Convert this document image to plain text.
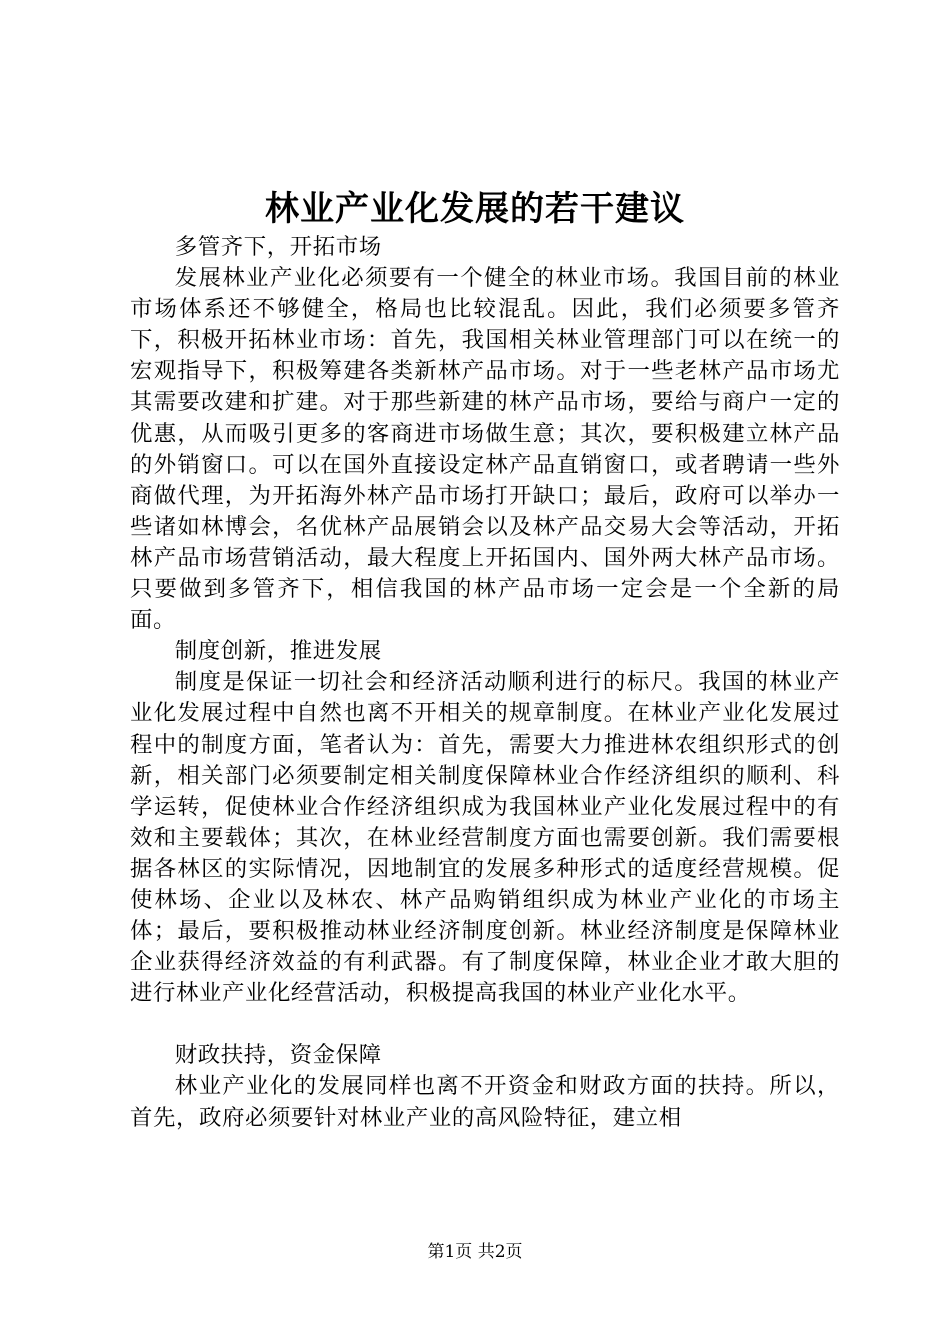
林业产业化发展的若干建议

多管齐下，开拓市场

发展林业产业化必须要有一个健全的林业市场。我国目前的林业市场体系还不够健全，格局也比较混乱。因此，我们必须要多管齐下，积极开拓林业市场：首先，我国相关林业管理部门可以在统一的宏观指导下，积极筹建各类新林产品市场。对于一些老林产品市场尤其需要改建和扩建。对于那些新建的林产品市场，要给与商户一定的优惠，从而吸引更多的客商进市场做生意；其次，要积极建立林产品的外销窗口。可以在国外直接设定林产品直销窗口，或者聘请一些外商做代理，为开拓海外林产品市场打开缺口；最后，政府可以举办一些诸如林博会，名优林产品展销会以及林产品交易大会等活动，开拓林产品市场营销活动，最大程度上开拓国内、国外两大林产品市场。只要做到多管齐下，相信我国的林产品市场一定会是一个全新的局面。

制度创新，推进发展

制度是保证一切社会和经济活动顺利进行的标尺。我国的林业产业化发展过程中自然也离不开相关的规章制度。在林业产业化发展过程中的制度方面，笔者认为：首先，需要大力推进林农组织形式的创新，相关部门必须要制定相关制度保障林业合作经济组织的顺利、科学运转，促使林业合作经济组织成为我国林业产业化发展过程中的有效和主要载体；其次，在林业经营制度方面也需要创新。我们需要根据各林区的实际情况，因地制宜的发展多种形式的适度经营规模。促使林场、企业以及林农、林产品购销组织成为林业产业化的市场主体；最后，要积极推动林业经济制度创新。林业经济制度是保障林业企业获得经济效益的有利武器。有了制度保障，林业企业才敢大胆的进行林业产业化经营活动，积极提高我国的林业产业化水平。

财政扶持，资金保障

林业产业化的发展同样也离不开资金和财政方面的扶持。所以，首先，政府必须要针对林业产业的高风险特征，建立相

第1页 共2页
